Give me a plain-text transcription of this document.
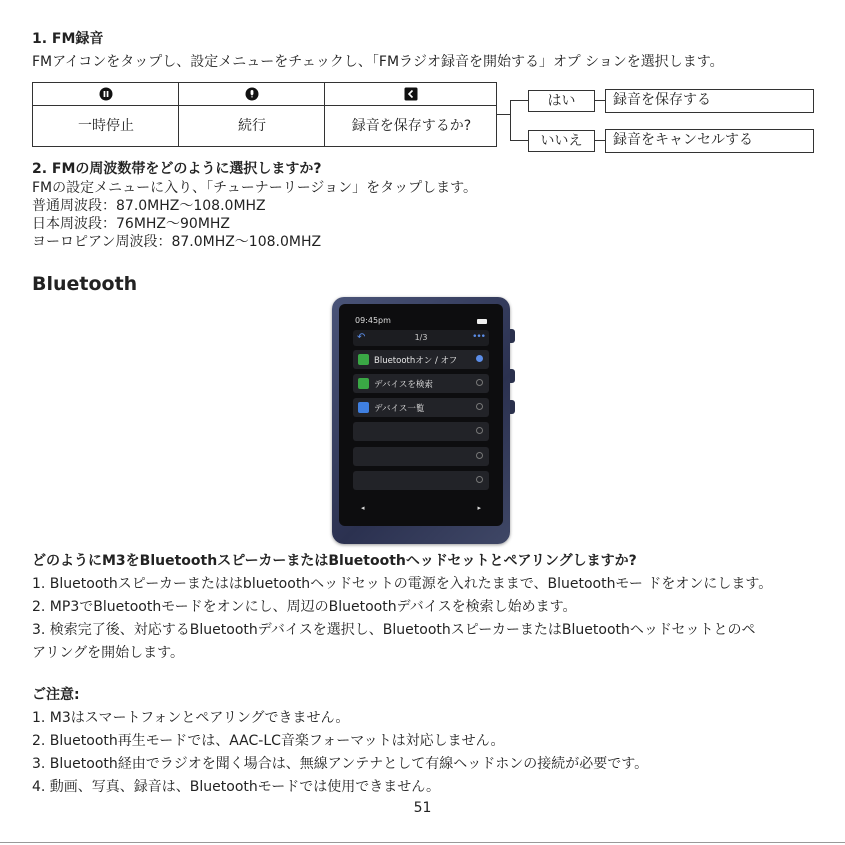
1. FM録音
FMアイコンをタップし、設定メニューをチェックし、「FMラジオ録音を開始する」オプ ションを選択します。
一時停止	続行	録音を保存するか?
はい	録音を保存する
いいえ	録音をキャンセルする
2. FMの周波数帯をどのように選択しますか?
FMの設定メニューに入り、「チューナーリージョン」をタップします。
普通周波段：87.0MHZ〜108.0MHZ
日本周波段：76MHZ〜90MHZ
ヨーロピアン周波段：87.0MHZ〜108.0MHZ
Bluetooth
09:45pm
↶	1/3	•••
Bluetoothオン / オフ
デバイスを検索
デバイス一覧
◂	▸
どのようにM3をBluetoothスピーカーまたはBluetoothヘッドセットとペアリングしますか?
1. Bluetoothスピーカーまたははbluetoothヘッドセットの電源を入れたままで、Bluetoothモー ドをオンにします。
2. MP3でBluetoothモードをオンにし、周辺のBluetoothデバイスを検索し始めます。
3. 検索完了後、対応するBluetoothデバイスを選択し、BluetoothスピーカーまたはBluetoothヘッドセットとのペ
アリングを開始します。
ご注意:
1. M3はスマートフォンとペアリングできません。
2. Bluetooth再生モードでは、AAC-LC音楽フォーマットは対応しません。
3. Bluetooth経由でラジオを聞く場合は、無線アンテナとして有線ヘッドホンの接続が必要です。
4. 動画、写真、録音は、Bluetoothモードでは使用できません。
51
